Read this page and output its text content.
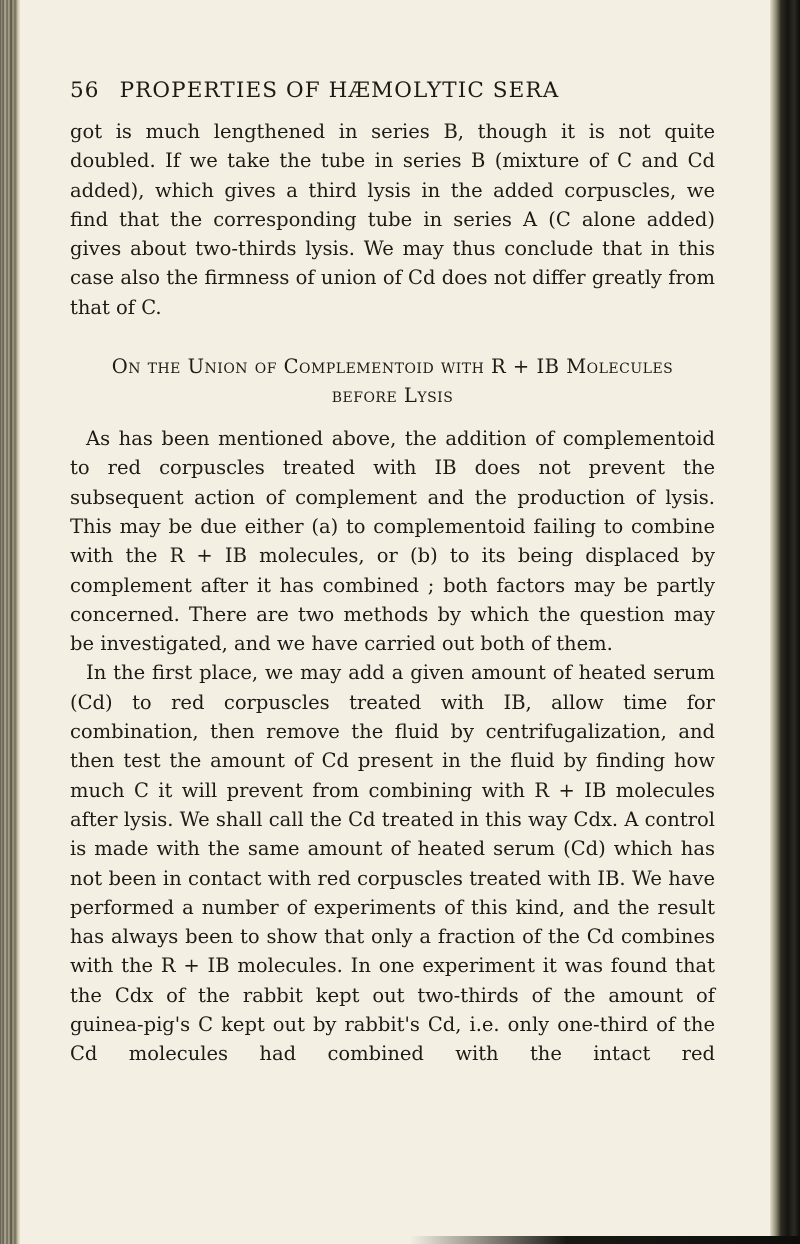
56 PROPERTIES OF HÆMOLYTIC SERA

got is much lengthened in series B, though it is not quite doubled. If we take the tube in series B (mixture of C and Cd added), which gives a third lysis in the added corpuscles, we find that the corresponding tube in series A (C alone added) gives about two-thirds lysis. We may thus conclude that in this case also the firmness of union of Cd does not differ greatly from that of C.

On the Union of Complementoid with R + IB Molecules
before Lysis

As has been mentioned above, the addition of complementoid to red corpuscles treated with IB does not prevent the subsequent action of complement and the production of lysis. This may be due either (a) to complementoid failing to combine with the R + IB molecules, or (b) to its being displaced by complement after it has combined ; both factors may be partly concerned. There are two methods by which the question may be investigated, and we have carried out both of them.

In the first place, we may add a given amount of heated serum (Cd) to red corpuscles treated with IB, allow time for combination, then remove the fluid by centrifugalization, and then test the amount of Cd present in the fluid by finding how much C it will prevent from combining with R + IB molecules after lysis. We shall call the Cd treated in this way Cdx. A control is made with the same amount of heated serum (Cd) which has not been in contact with red corpuscles treated with IB. We have performed a number of experiments of this kind, and the result has always been to show that only a fraction of the Cd combines with the R + IB molecules. In one experiment it was found that the Cdx of the rabbit kept out two-thirds of the amount of guinea-pig's C kept out by rabbit's Cd, i.e. only one-third of the Cd molecules had combined with the intact red
